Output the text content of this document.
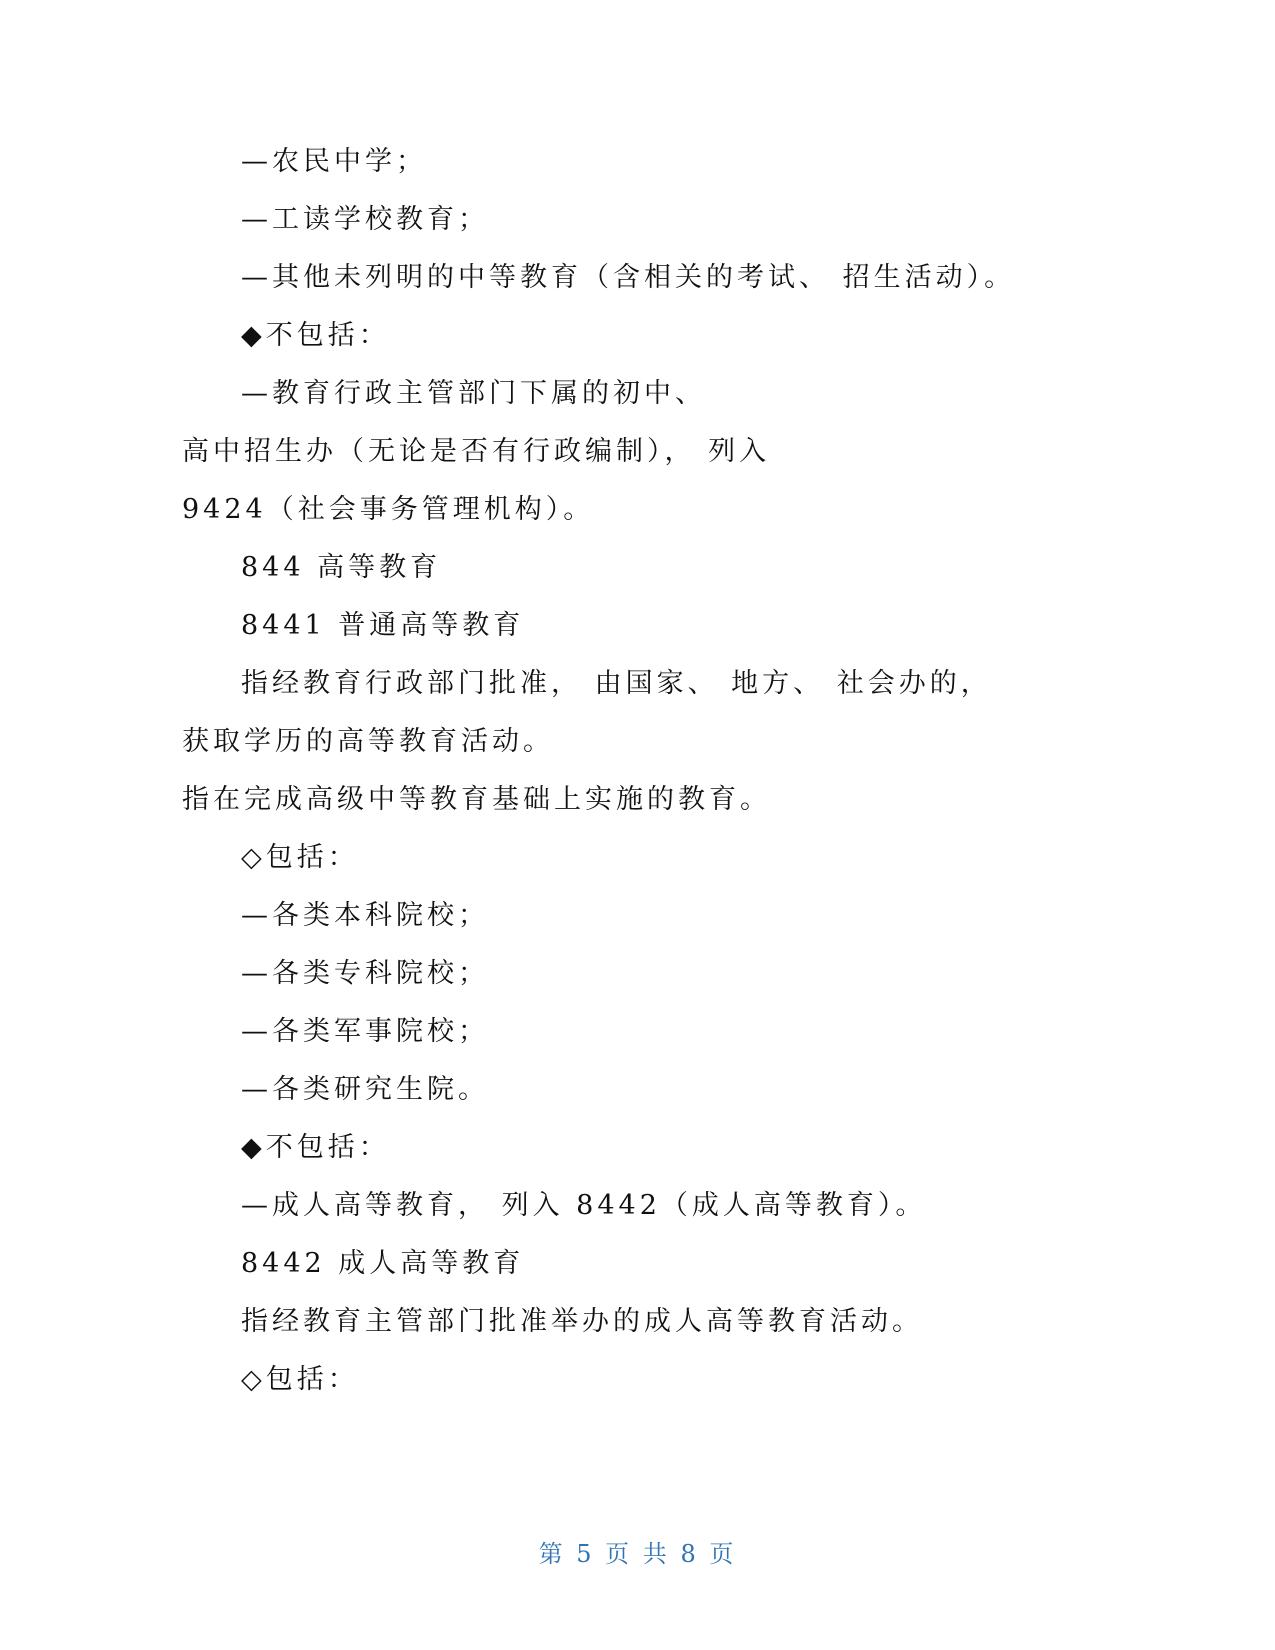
—农民中学；
—工读学校教育；
—其他未列明的中等教育（含相关的考试、 招生活动）。
◆不包括：
—教育行政主管部门下属的初中、
高中招生办（无论是否有行政编制）， 列入
9424（社会事务管理机构）。
844 高等教育
8441 普通高等教育
指经教育行政部门批准， 由国家、 地方、 社会办的，
获取学历的高等教育活动。
指在完成高级中等教育基础上实施的教育。
◇包括：
—各类本科院校；
—各类专科院校；
—各类军事院校；
—各类研究生院。
◆不包括：
—成人高等教育， 列入 8442（成人高等教育）。
8442 成人高等教育
指经教育主管部门批准举办的成人高等教育活动。
◇包括：
第 5 页 共 8 页
